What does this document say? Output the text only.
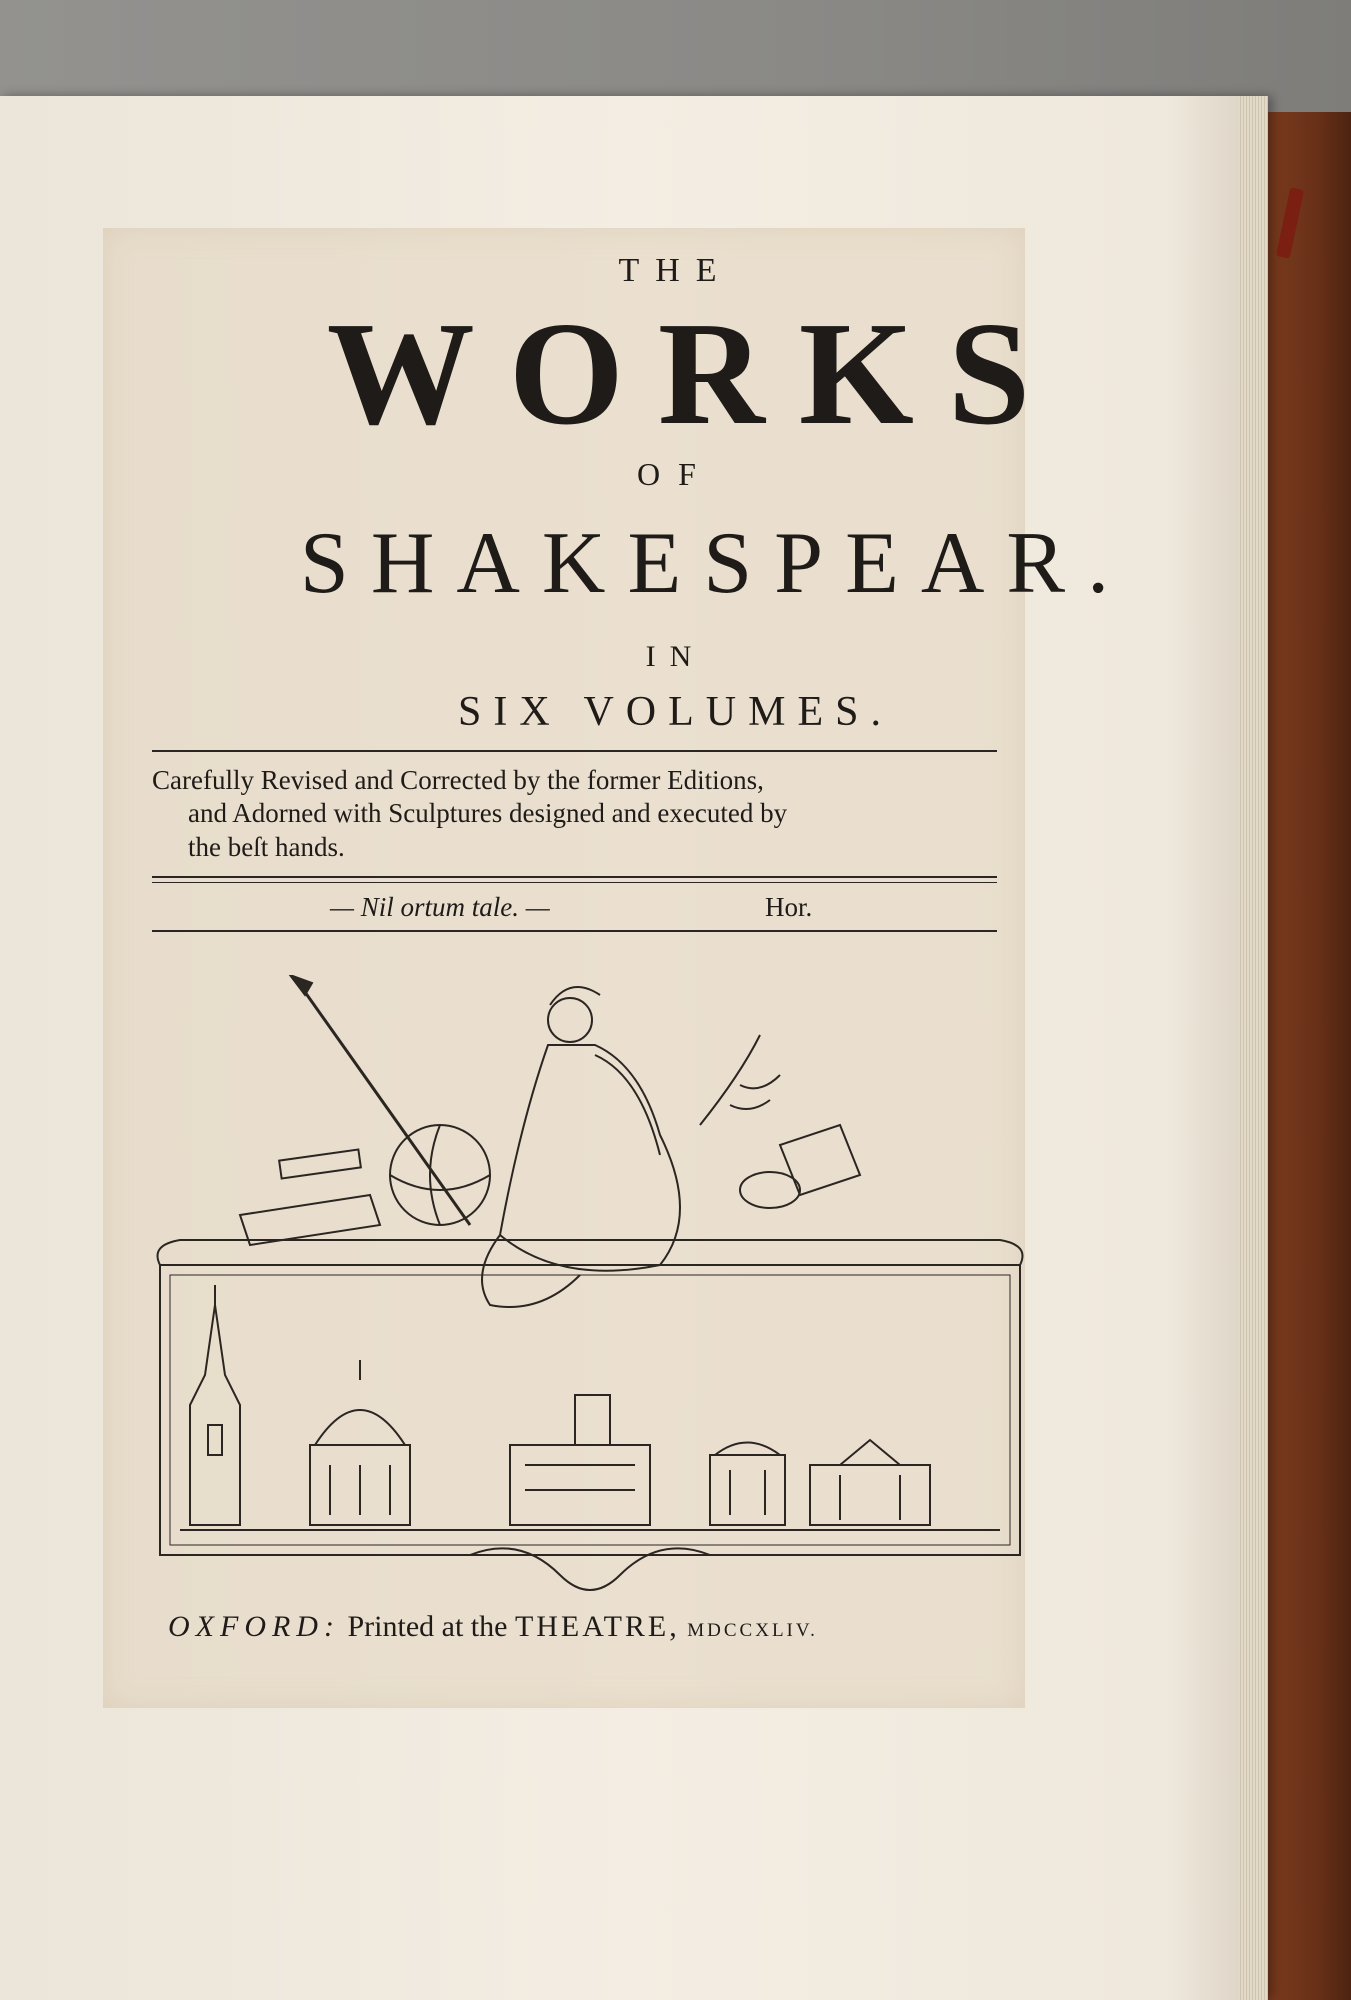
THE
WORKS
OF
SHAKESPEAR.
IN
SIX VOLUMES.
Carefully Revised and Corrected by the former Editions,
and Adorned with Sculptures designed and executed by
the beſt hands.
— Nil ortum tale. —	Hor.
OXFORD: Printed at the THEATRE, MDCCXLIV.
